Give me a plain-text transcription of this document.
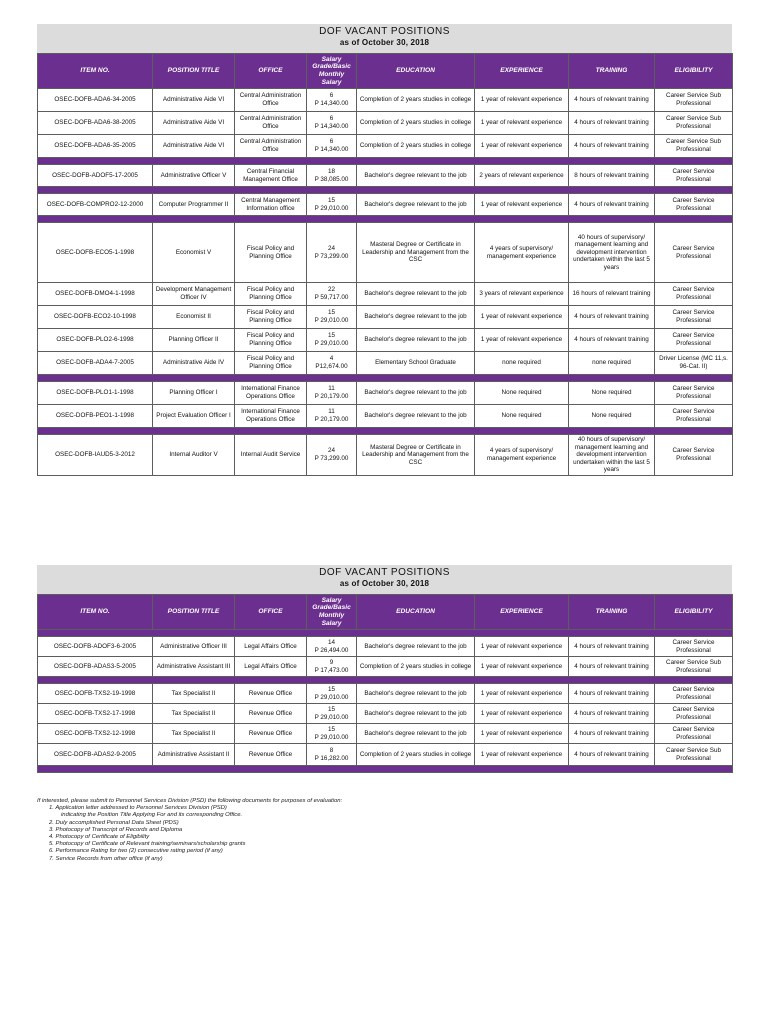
DOF VACANT POSITIONS
as of October 30, 2018
ITEM NO.	POSITION TITLE	OFFICE	Salary Grade/Basic Monthly Salary	EDUCATION	EXPERIENCE	TRAINING	ELIGIBILITY
OSEC-DOFB-ADA6-34-2005	Administrative Aide VI	Central Administration Office	6
P 14,340.00	Completion of 2 years studies in college	1 year of relevant experience	4 hours of relevant training	Career Service Sub Professional
OSEC-DOFB-ADA6-38-2005	Administrative Aide VI	Central Administration Office	6
P 14,340.00	Completion of 2 years studies in college	1 year of relevant experience	4 hours of relevant training	Career Service Sub Professional
OSEC-DOFB-ADA6-35-2005	Administrative Aide VI	Central Administration Office	6
P 14,340.00	Completion of 2 years studies in college	1 year of relevant experience	4 hours of relevant training	Career Service Sub Professional

OSEC-DOFB-ADOF5-17-2005	Administrative Officer V	Central Financial Management Office	18
P 38,085.00	Bachelor's degree relevant to the job	2 years of relevant experience	8 hours of relevant training	Career Service Professional

OSEC-DOFB-COMPRO2-12-2000	Computer Programmer II	Central Management Information office	15
P 29,010.00	Bachelor's degree relevant to the job	1 year of relevant experience	4 hours of relevant training	Career Service Professional

OSEC-DOFB-ECO5-1-1998	Economist V	Fiscal Policy and Planning Office	24
P 73,299.00	Masteral Degree or Certificate in Leadership and Management from the CSC	4 years of supervisory/ management experience	40 hours of supervisory/ management learning and development intervention undertaken within the last 5 years	Career Service Professional
OSEC-DOFB-DMO4-1-1998	Development Management Officer IV	Fiscal Policy and Planning Office	22
P 59,717.00	Bachelor's degree relevant to the job	3 years of relevant experience	16 hours of relevant training	Career Service Professional
OSEC-DOFB-ECO2-10-1998	Economist II	Fiscal Policy and Planning Office	15
P 29,010.00	Bachelor's degree relevant to the job	1 year of relevant experience	4 hours of relevant training	Career Service Professional
OSEC-DOFB-PLO2-6-1998	Planning Officer II	Fiscal Policy and Planning Office	15
P 29,010.00	Bachelor's degree relevant to the job	1 year of relevant experience	4 hours of relevant training	Career Service Professional
OSEC-DOFB-ADA4-7-2005	Administrative Aide IV	Fiscal Policy and Planning Office	4
P12,674.00	Elementary School Graduate	none required	none required	Driver License (MC 11,s. 96-Cat. II)

OSEC-DOFB-PLO1-1-1998	Planning Officer I	International Finance Operations Office	11
P 20,179.00	Bachelor's degree relevant to the job	None required	None required	Career Service Professional
OSEC-DOFB-PEO1-1-1998	Project Evaluation Officer I	International Finance Operations Office	11
P 20,179.00	Bachelor's degree relevant to the job	None required	None required	Career Service Professional

OSEC-DOFB-IAUD5-3-2012	Internal Auditor V	Internal Audit Service	24
P 73,299.00	Masteral Degree or Certificate in Leadership and Management from the CSC	4 years of supervisory/ management experience	40 hours of supervisory/ management learning and development intervention undertaken within the last 5 years	Career Service Professional
DOF VACANT POSITIONS
as of October 30, 2018
ITEM NO.	POSITION TITLE	OFFICE	Salary Grade/Basic Monthly Salary	EDUCATION	EXPERIENCE	TRAINING	ELIGIBILITY

OSEC-DOFB-ADOF3-6-2005	Administrative Officer III	Legal Affairs Office	14
P 26,494.00	Bachelor's degree relevant to the job	1 year of relevant experience	4 hours of relevant training	Career Service Professional
OSEC-DOFB-ADAS3-5-2005	Administrative Assistant III	Legal Affairs Office	9
P 17,473.00	Completion of 2 years studies in college	1 year of relevant experience	4 hours of relevant training	Career Service Sub Professional

OSEC-DOFB-TXS2-19-1998	Tax Specialist II	Revenue Office	15
P 29,010.00	Bachelor's degree relevant to the job	1 year of relevant experience	4 hours of relevant training	Career Service Professional
OSEC-DOFB-TXS2-17-1998	Tax Specialist II	Revenue Office	15
P 29,010.00	Bachelor's degree relevant to the job	1 year of relevant experience	4 hours of relevant training	Career Service Professional
OSEC-DOFB-TXS2-12-1998	Tax Specialist II	Revenue Office	15
P 29,010.00	Bachelor's degree relevant to the job	1 year of relevant experience	4 hours of relevant training	Career Service Professional
OSEC-DOFB-ADAS2-9-2005	Administrative Assistant II	Revenue Office	8
P 16,282.00	Completion of 2 years studies in college	1 year of relevant experience	4 hours of relevant training	Career Service Sub Professional

If interested, please submit to Personnel Services Division (PSD) the following documents for purposes of evaluation:
1. Application letter addressed to Personnel Services Division (PSD)
indicating the Position Title Applying For and its corresponding Office.
2. Duly accomplished Personal Data Sheet (PDS)
3. Photocopy of Transcript of Records and Diploma
4. Photocopy of Certificate of Eligibility
5. Photocopy of Certificate of Relevant training/seminars/scholarship grants
6. Performance Rating for two (2) consecutive rating period (if any)
7. Service Records from other office (if any)
